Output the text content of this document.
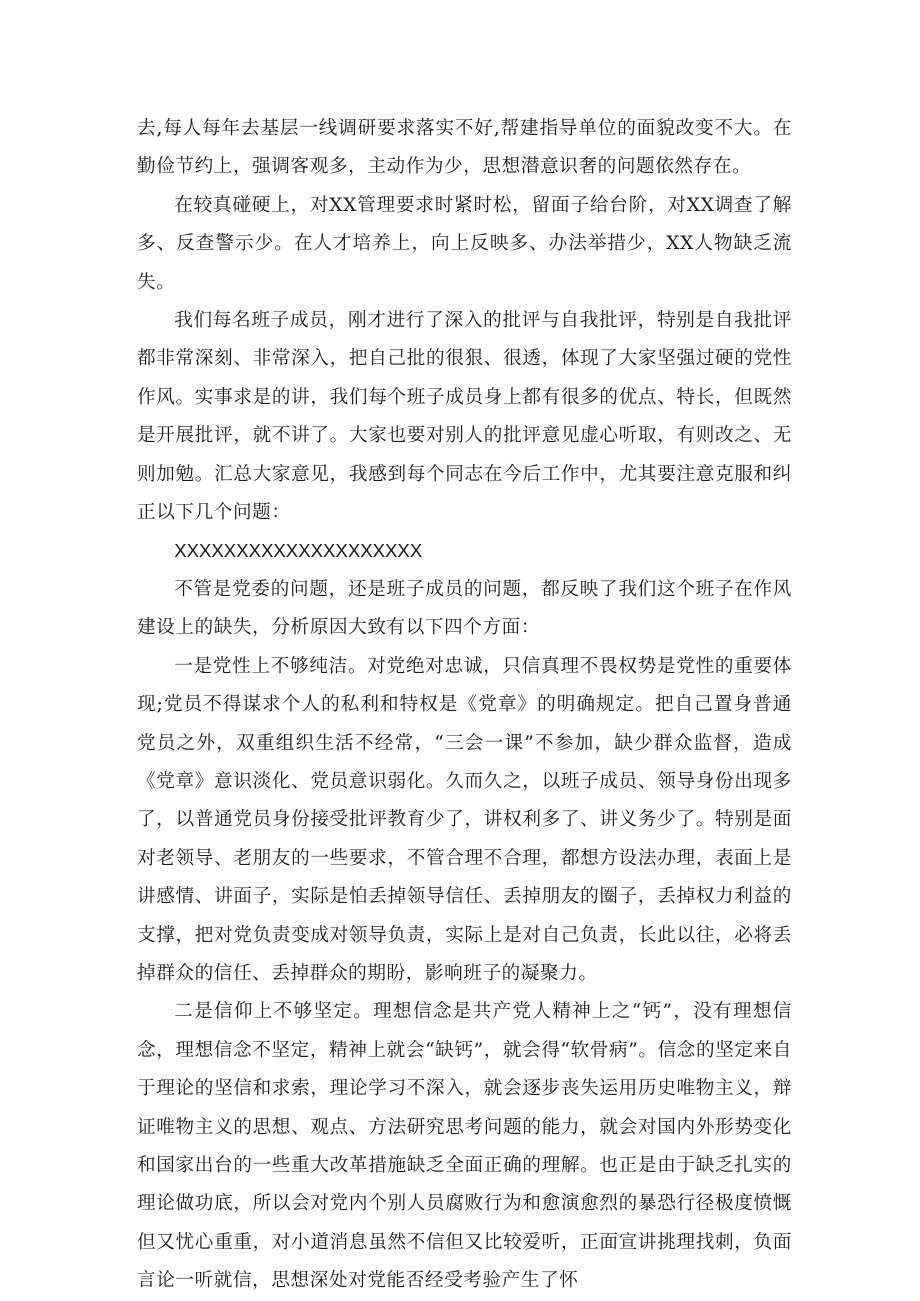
去,每人每年去基层一线调研要求落实不好,帮建指导单位的面貌改变不大。在勤俭节约上，强调客观多，主动作为少，思想潜意识奢的问题依然存在。

在较真碰硬上，对XX管理要求时紧时松，留面子给台阶，对XX调查了解多、反查警示少。在人才培养上，向上反映多、办法举措少，XX人物缺乏流失。

我们每名班子成员，刚才进行了深入的批评与自我批评，特别是自我批评都非常深刻、非常深入，把自己批的很狠、很透，体现了大家坚强过硬的党性作风。实事求是的讲，我们每个班子成员身上都有很多的优点、特长，但既然是开展批评，就不讲了。大家也要对别人的批评意见虚心听取，有则改之、无则加勉。汇总大家意见，我感到每个同志在今后工作中，尤其要注意克服和纠正以下几个问题：

XXXXXXXXXXXXXXXXXXXX

不管是党委的问题，还是班子成员的问题，都反映了我们这个班子在作风建设上的缺失，分析原因大致有以下四个方面：

一是党性上不够纯洁。对党绝对忠诚，只信真理不畏权势是党性的重要体现;党员不得谋求个人的私利和特权是《党章》的明确规定。把自己置身普通党员之外，双重组织生活不经常，“三会一课”不参加，缺少群众监督，造成《党章》意识淡化、党员意识弱化。久而久之，以班子成员、领导身份出现多了，以普通党员身份接受批评教育少了，讲权利多了、讲义务少了。特别是面对老领导、老朋友的一些要求，不管合理不合理，都想方设法办理，表面上是讲感情、讲面子，实际是怕丢掉领导信任、丢掉朋友的圈子，丢掉权力利益的支撑，把对党负责变成对领导负责，实际上是对自己负责，长此以往，必将丢掉群众的信任、丢掉群众的期盼，影响班子的凝聚力。

二是信仰上不够坚定。理想信念是共产党人精神上之“钙”，没有理想信念，理想信念不坚定，精神上就会“缺钙”，就会得“软骨病”。信念的坚定来自于理论的坚信和求索，理论学习不深入，就会逐步丧失运用历史唯物主义，辩证唯物主义的思想、观点、方法研究思考问题的能力，就会对国内外形势变化和国家出台的一些重大改革措施缺乏全面正确的理解。也正是由于缺乏扎实的理论做功底，所以会对党内个别人员腐败行为和愈演愈烈的暴恐行径极度愤慨但又忧心重重，对小道消息虽然不信但又比较爱听，正面宣讲挑理找刺，负面言论一听就信，思想深处对党能否经受考验产生了怀
